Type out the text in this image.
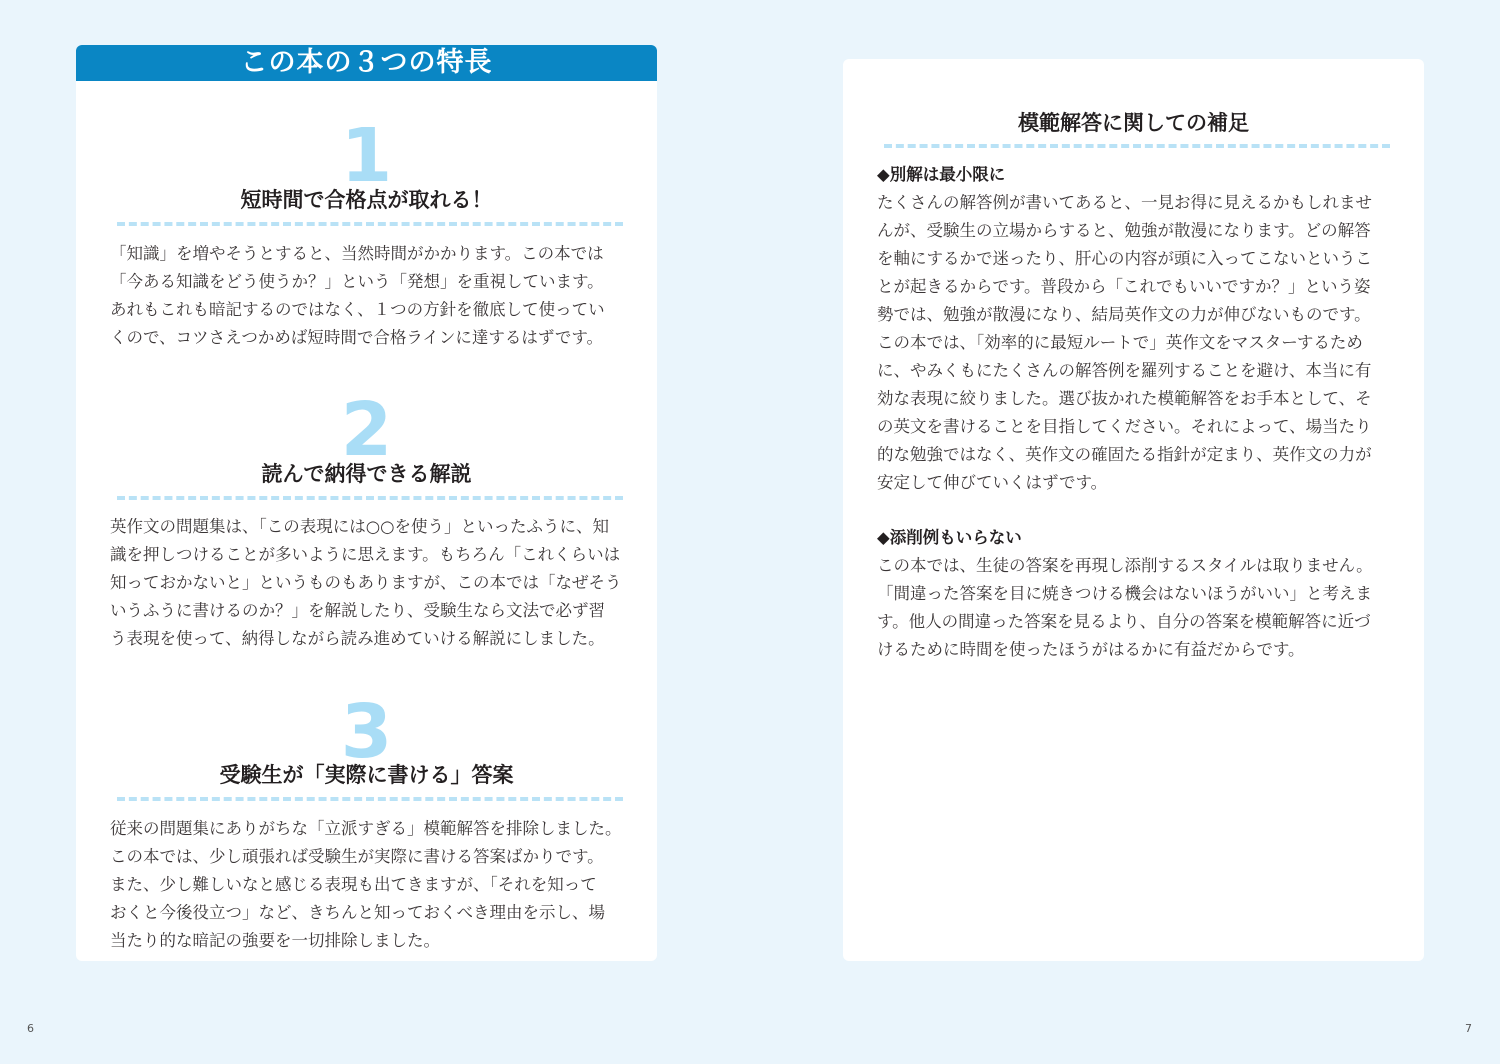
この本の３つの特長
1
短時間で合格点が取れる！
「知識」を増やそうとすると、当然時間がかかります。この本では
「今ある知識をどう使うか？」という「発想」を重視しています。
あれもこれも暗記するのではなく、１つの方針を徹底して使ってい
くので、コツさえつかめば短時間で合格ラインに達するはずです。
2
読んで納得できる解説
英作文の問題集は、「この表現には○○を使う」といったふうに、知
識を押しつけることが多いように思えます。もちろん「これくらいは
知っておかないと」というものもありますが、この本では「なぜそう
いうふうに書けるのか？」を解説したり、受験生なら文法で必ず習
う表現を使って、納得しながら読み進めていける解説にしました。
3
受験生が「実際に書ける」答案
従来の問題集にありがちな「立派すぎる」模範解答を排除しました。
この本では、少し頑張れば受験生が実際に書ける答案ばかりです。
また、少し難しいなと感じる表現も出てきますが、「それを知って
おくと今後役立つ」など、きちんと知っておくべき理由を示し、場
当たり的な暗記の強要を一切排除しました。
模範解答に関しての補足
◆別解は最小限に
たくさんの解答例が書いてあると、一見お得に見えるかもしれませ
んが、受験生の立場からすると、勉強が散漫になります。どの解答
を軸にするかで迷ったり、肝心の内容が頭に入ってこないというこ
とが起きるからです。普段から「これでもいいですか？」という姿
勢では、勉強が散漫になり、結局英作文の力が伸びないものです。
この本では、「効率的に最短ルートで」英作文をマスターするため
に、やみくもにたくさんの解答例を羅列することを避け、本当に有
効な表現に絞りました。選び抜かれた模範解答をお手本として、そ
の英文を書けることを目指してください。それによって、場当たり
的な勉強ではなく、英作文の確固たる指針が定まり、英作文の力が
安定して伸びていくはずです。
◆添削例もいらない
この本では、生徒の答案を再現し添削するスタイルは取りません。
「間違った答案を目に焼きつける機会はないほうがいい」と考えま
す。他人の間違った答案を見るより、自分の答案を模範解答に近づ
けるために時間を使ったほうがはるかに有益だからです。
6	7
